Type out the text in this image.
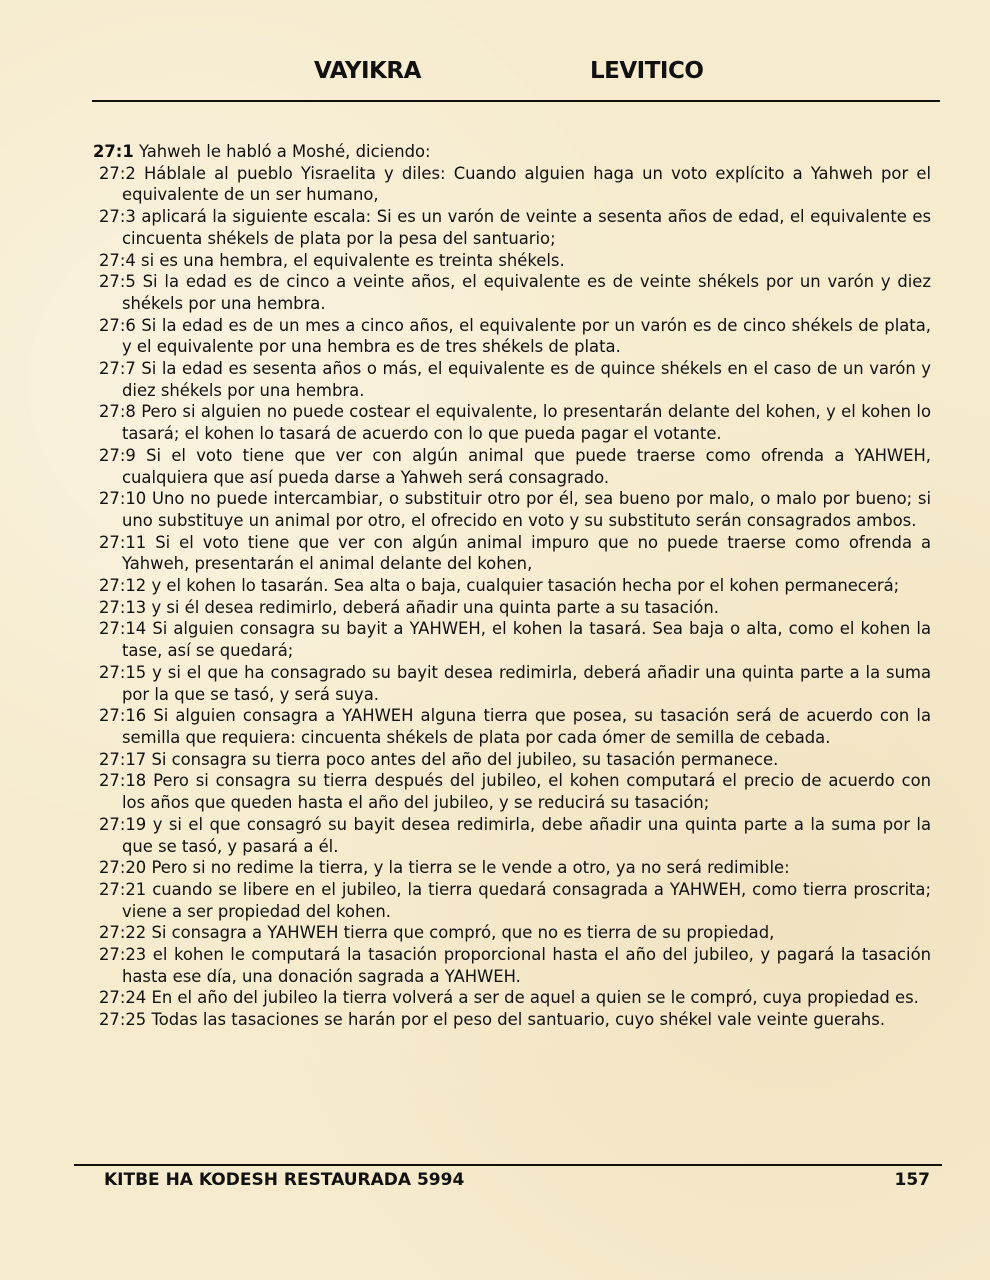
VAYIKRA	LEVITICO

27:1 Yahweh le habló a Moshé, diciendo:

27:2 Háblale al pueblo Yisraelita y diles: Cuando alguien haga un voto explícito a Yahweh por el equivalente de un ser humano,

27:3 aplicará la siguiente escala: Si es un varón de veinte a sesenta años de edad, el equivalente es cincuenta shékels de plata por la pesa del santuario;

27:4 si es una hembra, el equivalente es treinta shékels.

27:5 Si la edad es de cinco a veinte años, el equivalente es de veinte shékels por un varón y diez shékels por una hembra.

27:6 Si la edad es de un mes a cinco años, el equivalente por un varón es de cinco shékels de plata, y el equivalente por una hembra es de tres shékels de plata.

27:7 Si la edad es sesenta años o más, el equivalente es de quince shékels en el caso de un varón y diez shékels por una hembra.

27:8 Pero si alguien no puede costear el equivalente, lo presentarán delante del kohen, y el kohen lo tasará; el kohen lo tasará de acuerdo con lo que pueda pagar el votante.

27:9 Si el voto tiene que ver con algún animal que puede traerse como ofrenda a YAHWEH, cualquiera que así pueda darse a Yahweh será consagrado.

27:10 Uno no puede intercambiar, o substituir otro por él, sea bueno por malo, o malo por bueno; si uno substituye un animal por otro, el ofrecido en voto y su substituto serán consagrados ambos.

27:11 Si el voto tiene que ver con algún animal impuro que no puede traerse como ofrenda a Yahweh, presentarán el animal delante del kohen,

27:12 y el kohen lo tasarán. Sea alta o baja, cualquier tasación hecha por el kohen permanecerá;

27:13 y si él desea redimirlo, deberá añadir una quinta parte a su tasación.

27:14 Si alguien consagra su bayit a YAHWEH, el kohen la tasará. Sea baja o alta, como el kohen la tase, así se quedará;

27:15 y si el que ha consagrado su bayit desea redimirla, deberá añadir una quinta parte a la suma por la que se tasó, y será suya.

27:16 Si alguien consagra a YAHWEH alguna tierra que posea, su tasación será de acuerdo con la semilla que requiera: cincuenta shékels de plata por cada ómer de semilla de cebada.

27:17 Si consagra su tierra poco antes del año del jubileo, su tasación permanece.

27:18 Pero si consagra su tierra después del jubileo, el kohen computará el precio de acuerdo con los años que queden hasta el año del jubileo, y se reducirá su tasación;

27:19 y si el que consagró su bayit desea redimirla, debe añadir una quinta parte a la suma por la que se tasó, y pasará a él.

27:20 Pero si no redime la tierra, y la tierra se le vende a otro, ya no será redimible:

27:21 cuando se libere en el jubileo, la tierra quedará consagrada a YAHWEH, como tierra proscrita; viene a ser propiedad del kohen.

27:22 Si consagra a YAHWEH tierra que compró, que no es tierra de su propiedad,

27:23 el kohen le computará la tasación proporcional hasta el año del jubileo, y pagará la tasación hasta ese día, una donación sagrada a YAHWEH.

27:24 En el año del jubileo la tierra volverá a ser de aquel a quien se le compró, cuya propiedad es.

27:25 Todas las tasaciones se harán por el peso del santuario, cuyo shékel vale veinte guerahs.

KITBE HA KODESH RESTAURADA 5994	157
